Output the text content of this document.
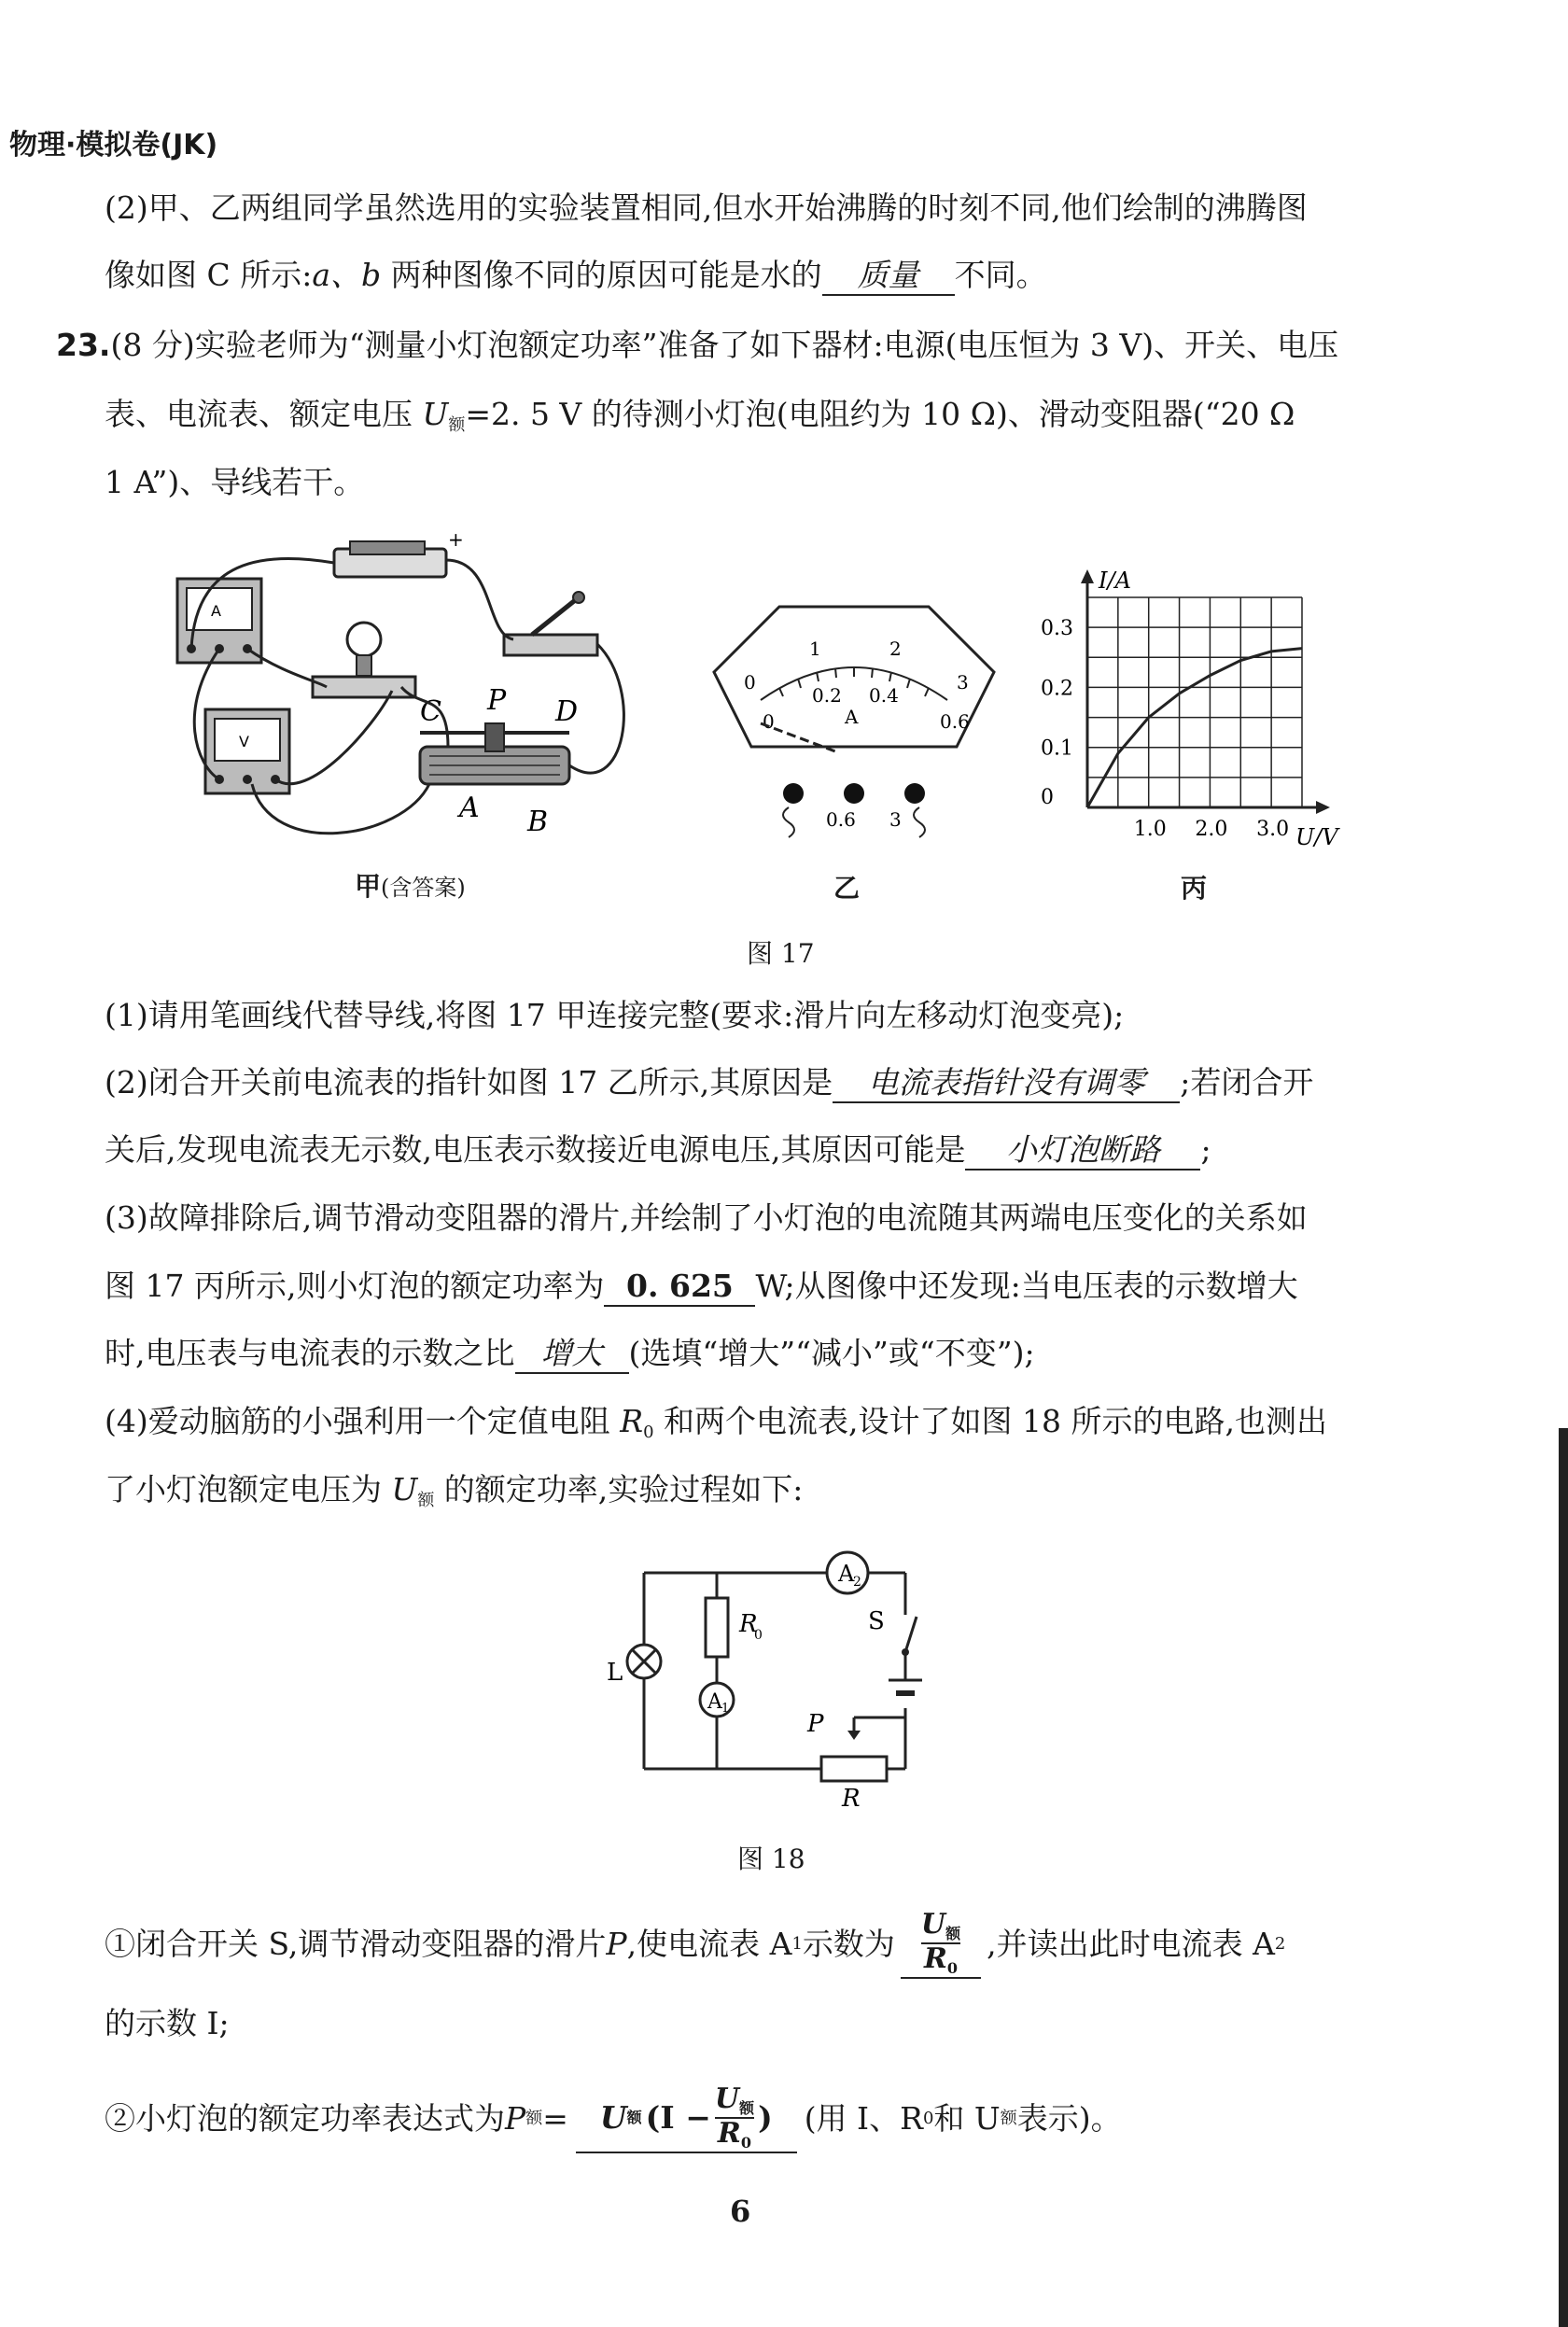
物理·模拟卷(JK)
(2)甲、乙两组同学虽然选用的实验装置相同,但水开始沸腾的时刻不同,他们绘制的沸腾图
像如图 C 所示:a、b 两种图像不同的原因可能是水的 质量 不同。
23.(8 分)实验老师为“测量小灯泡额定功率”准备了如下器材:电源(电压恒为 3 V)、开关、电压
表、电流表、额定电压 $U_额=2$. 5 V 的待测小灯泡(电阻约为 10 Ω)、滑动变阻器(“20 Ω
1 A”)、导线若干。
+
A
V
C P D
A B
甲(含答案)
0
1	2
3
0
0.2 0.4
0.6
A
0.6 3
乙
I/A
U/V
0
0.1
0.2
0.3
1.0 2.0 3.0
丙
图 17
(1)请用笔画线代替导线,将图 17 甲连接完整(要求:滑片向左移动灯泡变亮);
(2)闭合开关前电流表的指针如图 17 乙所示,其原因是 电流表指针没有调零 ;若闭合开
关后,发现电流表无示数,电压表示数接近电源电压,其原因可能是 小灯泡断路 ;
(3)故障排除后,调节滑动变阻器的滑片,并绘制了小灯泡的电流随其两端电压变化的关系如
图 17 丙所示,则小灯泡的额定功率为 0. 625 W;从图像中还发现:当电压表的示数增大
时,电压表与电流表的示数之比 增大 (选填“增大”“减小”或“不变”);
(4)爱动脑筋的小强利用一个定值电阻 $R_0$ 和两个电流表,设计了如图 18 所示的电路,也测出
了小灯泡额定电压为 $U_额$ 的额定功率,实验过程如下:
A
2
A 1
S
L
R
0
P
R
图 18
①闭合开关 S,调节滑动变阻器的滑片 P ,使电流表 A 1 示数为 $\frac{U_额}{R_0}$ ,并读出此时电流表 A 2
的示数 I;
②小灯泡的额定功率表达式为 P 额 = U 额 ($I - \frac{U_额}{R_0}$ ) (用 I、R 0 和 U 额 表示)。
6
